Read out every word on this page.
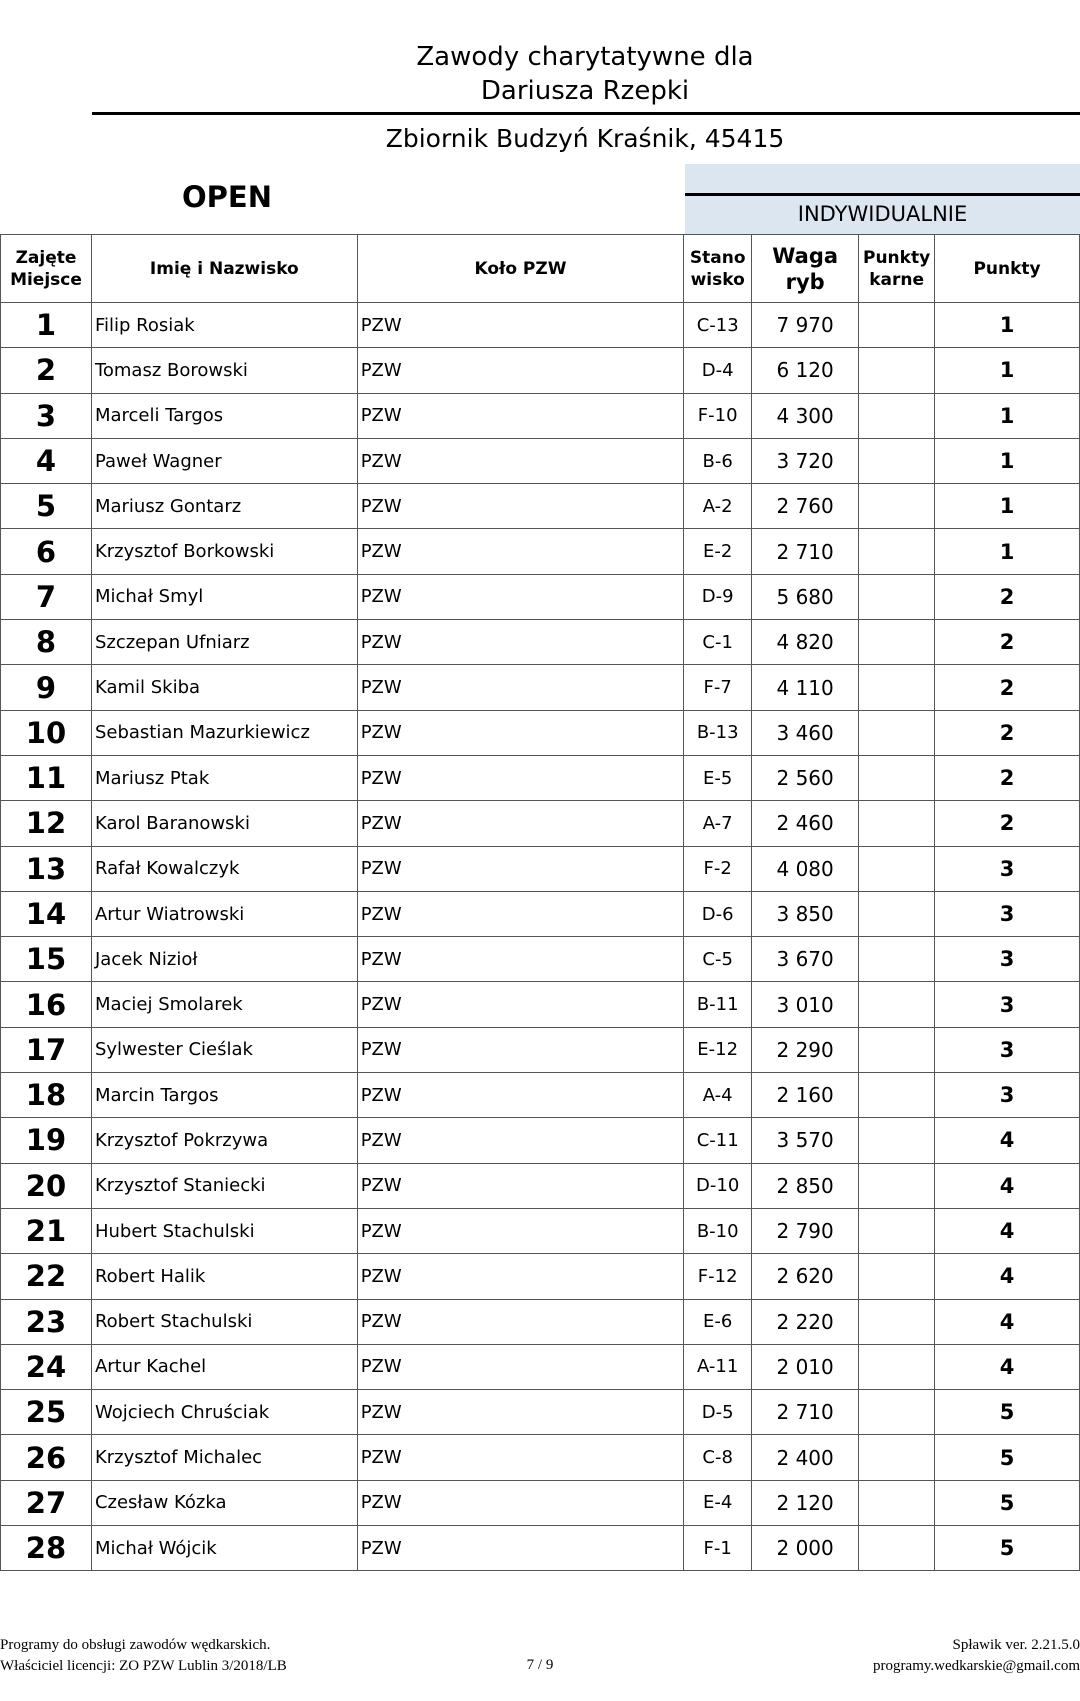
Zawody charytatywne dla
Dariusza Rzepki
Zbiornik Budzyń Kraśnik, 45415
OPEN	INDYWIDUALNIE
Zajęte Miejsce	Imię i Nazwisko	Koło PZW	Stano wisko	Waga ryb	Punkty karne	Punkty
1	Filip Rosiak	PZW	C-13	7 970		1
2	Tomasz Borowski	PZW	D-4	6 120		1
3	Marceli Targos	PZW	F-10	4 300		1
4	Paweł Wagner	PZW	B-6	3 720		1
5	Mariusz Gontarz	PZW	A-2	2 760		1
6	Krzysztof Borkowski	PZW	E-2	2 710		1
7	Michał Smyl	PZW	D-9	5 680		2
8	Szczepan Ufniarz	PZW	C-1	4 820		2
9	Kamil Skiba	PZW	F-7	4 110		2
10	Sebastian Mazurkiewicz	PZW	B-13	3 460		2
11	Mariusz Ptak	PZW	E-5	2 560		2
12	Karol Baranowski	PZW	A-7	2 460		2
13	Rafał Kowalczyk	PZW	F-2	4 080		3
14	Artur Wiatrowski	PZW	D-6	3 850		3
15	Jacek Nizioł	PZW	C-5	3 670		3
16	Maciej Smolarek	PZW	B-11	3 010		3
17	Sylwester Cieślak	PZW	E-12	2 290		3
18	Marcin Targos	PZW	A-4	2 160		3
19	Krzysztof Pokrzywa	PZW	C-11	3 570		4
20	Krzysztof Staniecki	PZW	D-10	2 850		4
21	Hubert Stachulski	PZW	B-10	2 790		4
22	Robert Halik	PZW	F-12	2 620		4
23	Robert Stachulski	PZW	E-6	2 220		4
24	Artur Kachel	PZW	A-11	2 010		4
25	Wojciech Chruściak	PZW	D-5	2 710		5
26	Krzysztof Michalec	PZW	C-8	2 400		5
27	Czesław Kózka	PZW	E-4	2 120		5
28	Michał Wójcik	PZW	F-1	2 000		5
Programy do obsługi zawodów wędkarskich.
Właściciel licencji: ZO PZW Lublin 3/2018/LB	7 / 9
Spławik ver. 2.21.5.0
programy.wedkarskie@gmail.com
